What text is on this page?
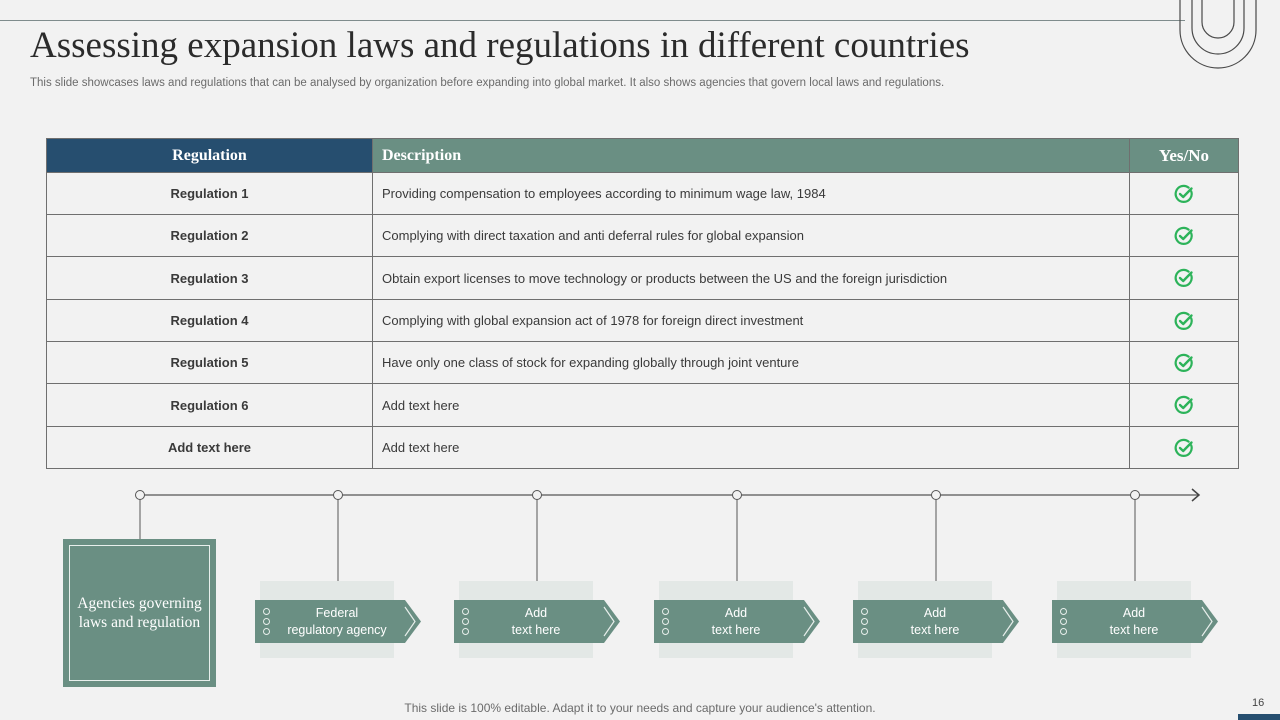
Assessing expansion laws and regulations in different countries
This slide showcases laws and regulations that can be analysed by organization before expanding into global market. It also shows agencies that govern local laws and regulations.
Regulation	Description	Yes/No
Regulation 1	Providing compensation to employees according to minimum wage law, 1984	

Regulation 2	Complying with direct taxation and anti deferral rules for global expansion	

Regulation 3	Obtain export licenses to move technology or products between the US and the foreign jurisdiction	

Regulation 4	Complying with global expansion act of 1978 for foreign direct investment	

Regulation 5	Have only one class of stock for expanding globally through joint venture	

Regulation 6	Add text here	

Add text here	Add text here	
Agencies governing laws and regulation
Federal
regulatory agency
Add
text here
Add
text here
Add
text here
Add
text here
This slide is 100% editable. Adapt it to your needs and capture your audience's attention.	16
